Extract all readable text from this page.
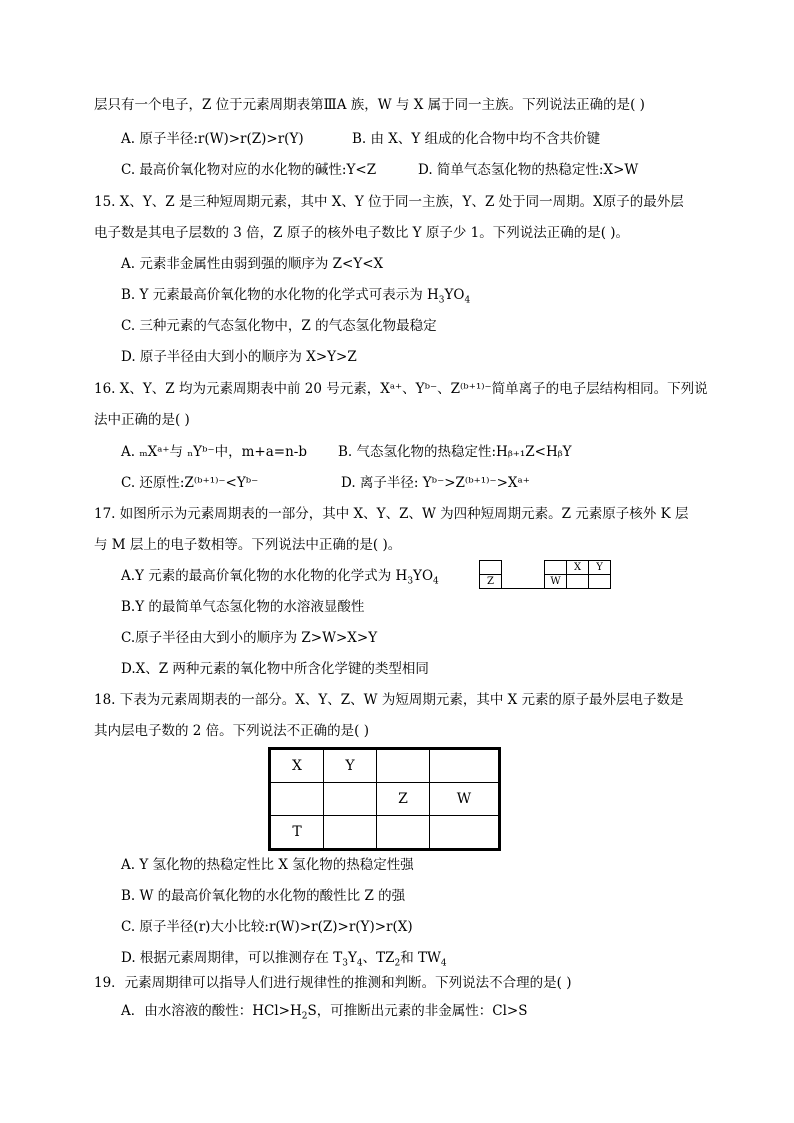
层只有一个电子，Z 位于元素周期表第ⅢA 族，W 与 X 属于同一主族。下列说法正确的是( )
A. 原子半径:r(W)>r(Z)>r(Y)	B. 由 X、Y 组成的化合物中均不含共价键
C. 最高价氧化物对应的水化物的碱性:Y<Z	D. 简单气态氢化物的热稳定性:X>W
15. X、Y、Z 是三种短周期元素，其中 X、Y 位于同一主族，Y、Z 处于同一周期。X原子的最外层
电子数是其电子层数的 3 倍，Z 原子的核外电子数比 Y 原子少 1。下列说法正确的是( )。
A. 元素非金属性由弱到强的顺序为 Z<Y<X
B. Y 元素最高价氧化物的水化物的化学式可表示为 $H_3YO_4$
C. 三种元素的气态氢化物中，Z 的气态氢化物最稳定
D. 原子半径由大到小的顺序为 X>Y>Z
16. X、Y、Z 均为元素周期表中前 20 号元素，Xᵃ⁺、Yᵇ⁻、Z⁽ᵇ⁺¹⁾⁻简单离子的电子层结构相同。下列说
法中正确的是( )
A. ₘXᵃ⁺与 ₙYᵇ⁻中，m+a=n-b B. 气态氢化物的热稳定性:Hᵦ₊₁Z<HᵦY
C. 还原性:Z⁽ᵇ⁺¹⁾⁻<Yᵇ⁻	D. 离子半径: Yᵇ⁻>Z⁽ᵇ⁺¹⁾⁻>Xᵃ⁺
17. 如图所示为元素周期表的一部分，其中 X、Y、Z、W 为四种短周期元素。Z 元素原子核外 K 层
与 M 层上的电子数相等。下列说法中正确的是( )。
A.Y 元素的最高价氧化物的水化物的化学式为 $H_3YO_4$
B.Y 的最简单气态氢化物的水溶液显酸性
C.原子半径由大到小的顺序为 Z>W>X>Y
D.X、Z 两种元素的氧化物中所含化学键的类型相同
				X	Y
Z			W		
18. 下表为元素周期表的一部分。X、Y、Z、W 为短周期元素，其中 X 元素的原子最外层电子数是
其内层电子数的 2 倍。下列说法不正确的是( )
X	Y		
		Z	W
T			
A. Y 氢化物的热稳定性比 X 氢化物的热稳定性强
B. W 的最高价氧化物的水化物的酸性比 Z 的强
C. 原子半径(r)大小比较:r(W)>r(Z)>r(Y)>r(X)
D. 根据元素周期律，可以推测存在 $T_3Y_4$、$TZ_2$和 $TW_4$
19．元素周期律可以指导人们进行规律性的推测和判断。下列说法不合理的是( )
A．由水溶液的酸性：$HCl>H_2S$，可推断出元素的非金属性：Cl>S
